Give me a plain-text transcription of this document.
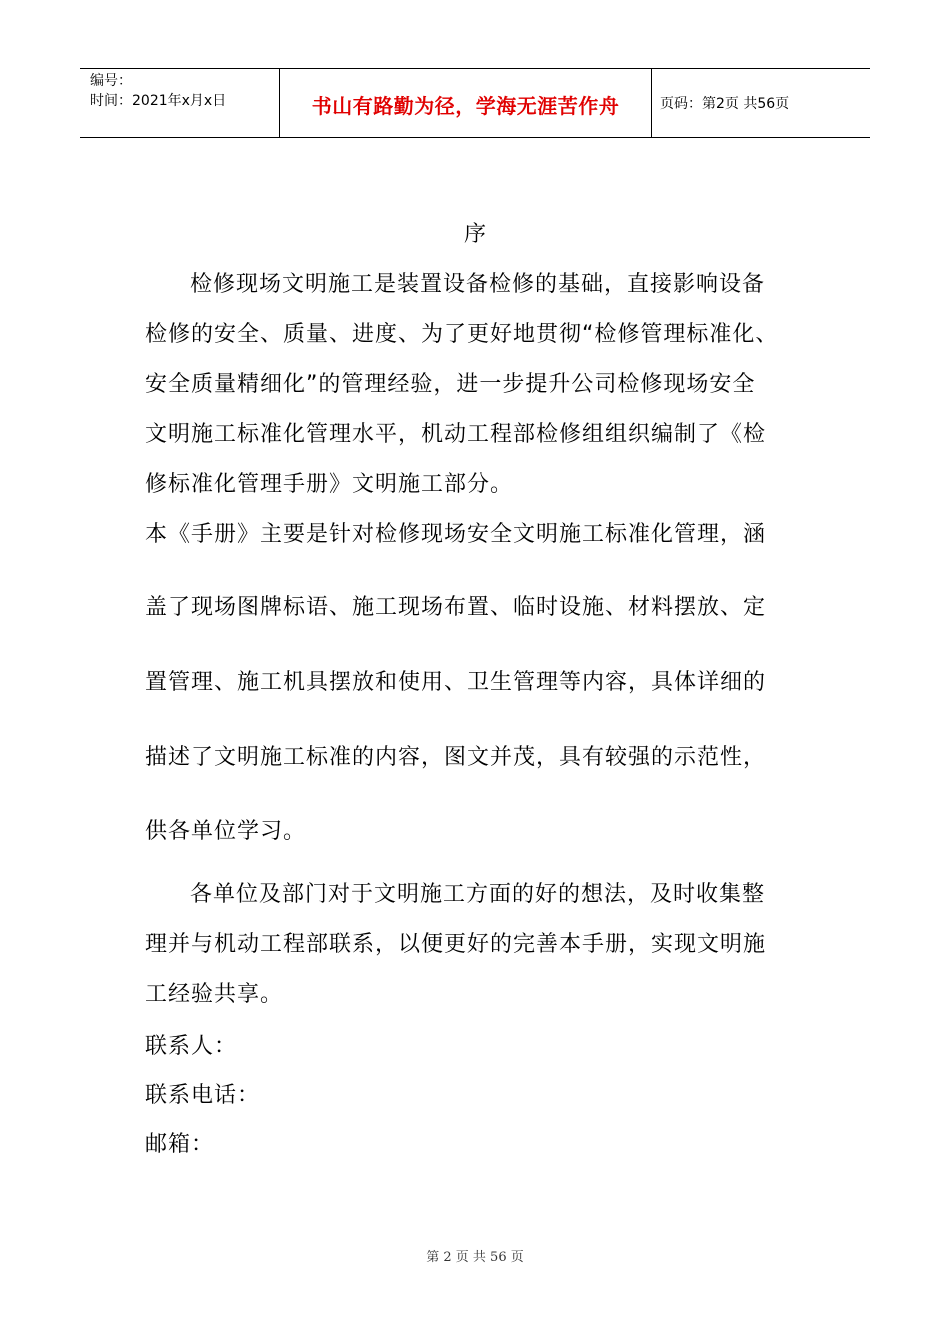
编号：
时间：2021年x月x日	书山有路勤为径，学海无涯苦作舟	页码：第2页 共56页
序
检修现场文明施工是装置设备检修的基础，直接影响设备
检修的安全、质量、进度、为了更好地贯彻“检修管理标准化、
安全质量精细化”的管理经验，进一步提升公司检修现场安全
文明施工标准化管理水平，机动工程部检修组组织编制了《检
修标准化管理手册》文明施工部分。
本《手册》主要是针对检修现场安全文明施工标准化管理，涵
盖了现场图牌标语、施工现场布置、临时设施、材料摆放、定
置管理、施工机具摆放和使用、卫生管理等内容，具体详细的
描述了文明施工标准的内容，图文并茂，具有较强的示范性，
供各单位学习。
各单位及部门对于文明施工方面的好的想法，及时收集整
理并与机动工程部联系，以便更好的完善本手册，实现文明施
工经验共享。
联系人：
联系电话：
邮箱：
第 2 页 共 56 页
